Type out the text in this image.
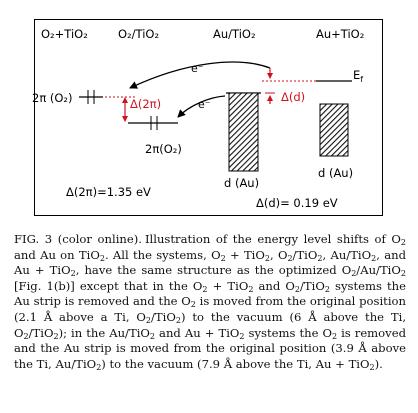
O₂+TiO₂	O₂/TiO₂	Au/TiO₂	Au+TiO₂
2π (O₂)	Δ(2π)
2π(O₂)
e⁻
e⁻
d (Au)
Δ(d)
$E_f$
d (Au)
Δ(2π)=1.35 eV
Δ(d)= 0.19 eV
FIG. 3 (color online). Illustration of the energy level shifts of $O_2$ and Au on TiO$_2$. All the systems, $O_2 + TiO_2$, $O_2/TiO_2$, Au/TiO$_2$, and Au + TiO$_2$, have the same structure as the optimized $O_2/Au/TiO_2$ [Fig. 1(b)] except that in the $O_2 + TiO_2$ and $O_2/TiO_2$ systems the Au strip is removed and the $O_2$ is moved from the original position (2.1 Å above a Ti, $O_2/TiO_2$) to the vacuum (6 Å above the Ti, $O_2/TiO_2$); in the Au/TiO$_2$ and Au + TiO$_2$ systems the $O_2$ is removed and the Au strip is moved from the original position (3.9 Å above the Ti, Au/TiO$_2$) to the vacuum (7.9 Å above the Ti, Au + TiO$_2$).
